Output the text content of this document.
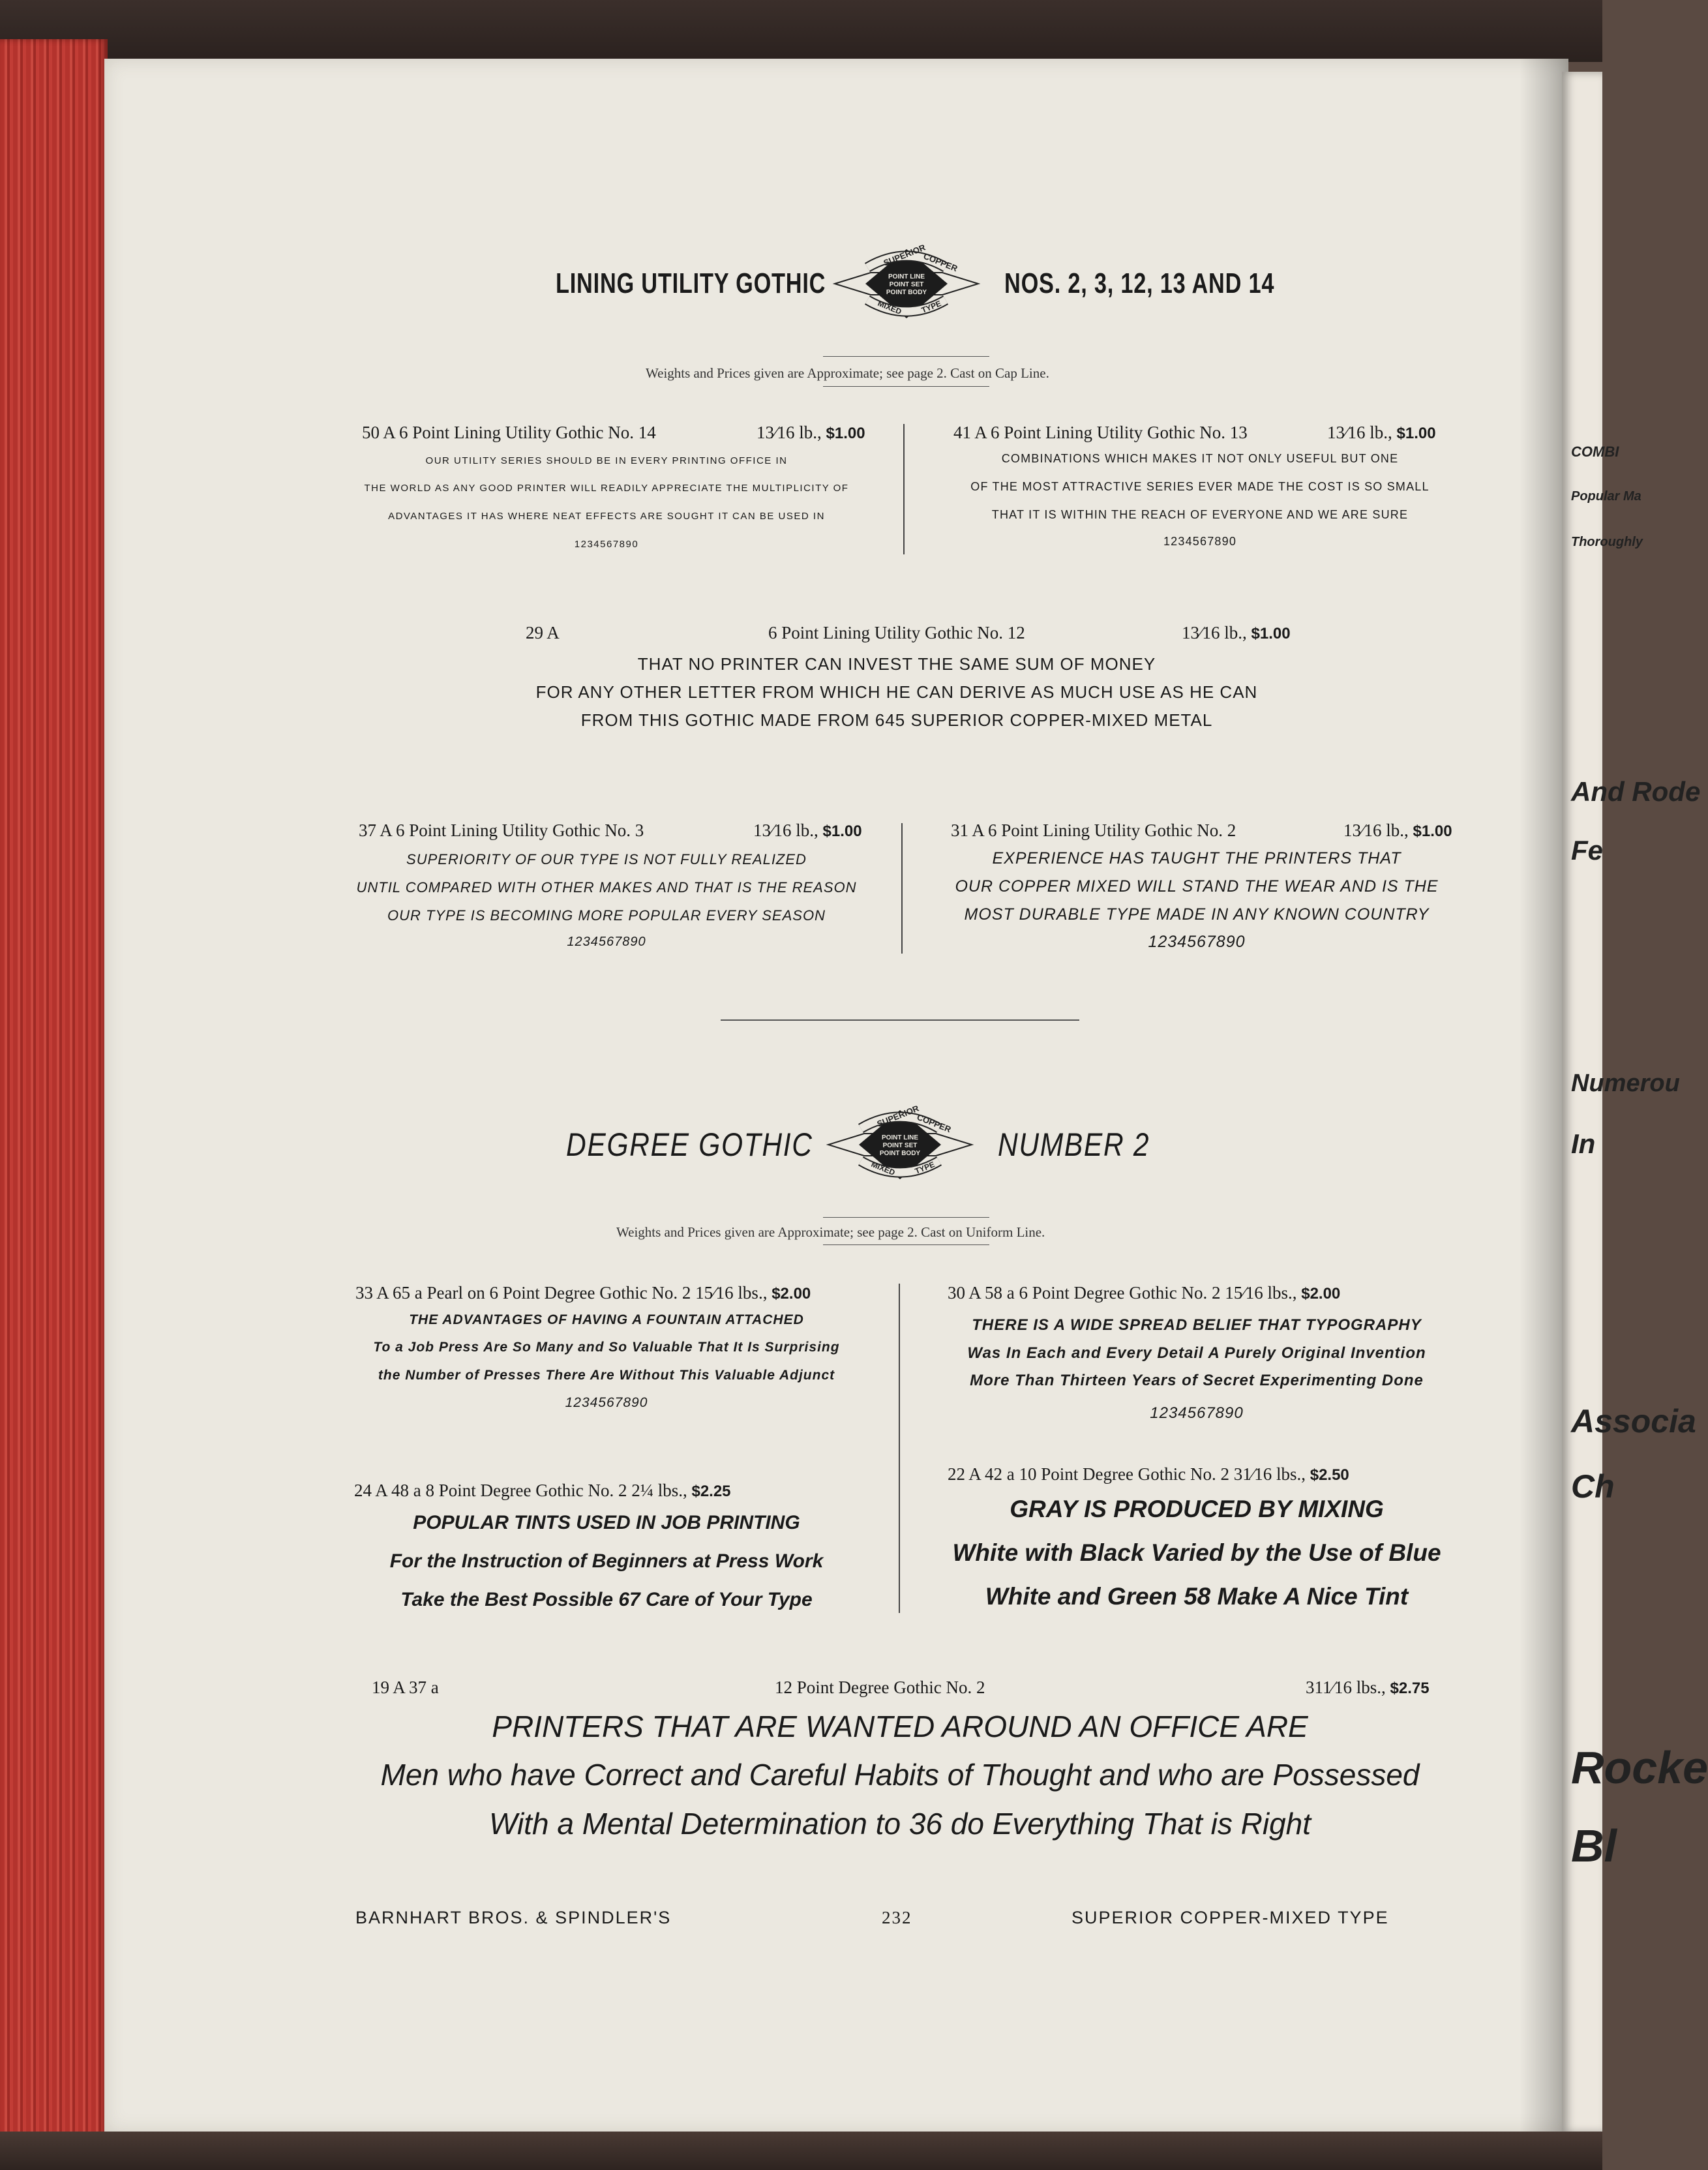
COMBI
Popular Ma
Thoroughly
And Rode
Fe
Numerou
In
Associa
Ch
Rocke
Bl
LINING UTILITY GOTHIC
SUPERIOR
COPPER
MIXED TYPE
POINT LINE
POINT SET
POINT BODY	NOS. 2, 3, 12, 13 AND 14
Weights and Prices given are Approximate; see page 2. Cast on Cap Line.
50 A 6 Point Lining Utility Gothic No. 14	13⁄16 lb., $1.00
OUR UTILITY SERIES SHOULD BE IN EVERY PRINTING OFFICE IN
THE WORLD AS ANY GOOD PRINTER WILL READILY APPRECIATE THE MULTIPLICITY OF
ADVANTAGES IT HAS WHERE NEAT EFFECTS ARE SOUGHT IT CAN BE USED IN
1234567890
41 A 6 Point Lining Utility Gothic No. 13	13⁄16 lb., $1.00
COMBINATIONS WHICH MAKES IT NOT ONLY USEFUL BUT ONE
OF THE MOST ATTRACTIVE SERIES EVER MADE THE COST IS SO SMALL
THAT IT IS WITHIN THE REACH OF EVERYONE AND WE ARE SURE
1234567890
29 A	6 Point Lining Utility Gothic No. 12	13⁄16 lb., $1.00
THAT NO PRINTER CAN INVEST THE SAME SUM OF MONEY
FOR ANY OTHER LETTER FROM WHICH HE CAN DERIVE AS MUCH USE AS HE CAN
FROM THIS GOTHIC MADE FROM 645 SUPERIOR COPPER-MIXED METAL
37 A 6 Point Lining Utility Gothic No. 3	13⁄16 lb., $1.00
SUPERIORITY OF OUR TYPE IS NOT FULLY REALIZED
UNTIL COMPARED WITH OTHER MAKES AND THAT IS THE REASON
OUR TYPE IS BECOMING MORE POPULAR EVERY SEASON
1234567890
31 A 6 Point Lining Utility Gothic No. 2	13⁄16 lb., $1.00
EXPERIENCE HAS TAUGHT THE PRINTERS THAT
OUR COPPER MIXED WILL STAND THE WEAR AND IS THE
MOST DURABLE TYPE MADE IN ANY KNOWN COUNTRY
1234567890
DEGREE GOTHIC
SUPERIOR
COPPER
MIXED TYPE
POINT LINE
POINT SET
POINT BODY NUMBER 2
Weights and Prices given are Approximate; see page 2. Cast on Uniform Line.
33 A 65 a Pearl on 6 Point Degree Gothic No. 2 15⁄16 lbs., $2.00
THE ADVANTAGES OF HAVING A FOUNTAIN ATTACHED
To a Job Press Are So Many and So Valuable That It Is Surprising
the Number of Presses There Are Without This Valuable Adjunct
1234567890
30 A 58 a 6 Point Degree Gothic No. 2 15⁄16 lbs., $2.00
THERE IS A WIDE SPREAD BELIEF THAT TYPOGRAPHY
Was In Each and Every Detail A Purely Original Invention
More Than Thirteen Years of Secret Experimenting Done
1234567890
24 A 48 a 8 Point Degree Gothic No. 2 2¼ lbs., $2.25
POPULAR TINTS USED IN JOB PRINTING
For the Instruction of Beginners at Press Work
Take the Best Possible 67 Care of Your Type
22 A 42 a 10 Point Degree Gothic No. 2 31⁄16 lbs., $2.50
GRAY IS PRODUCED BY MIXING
White with Black Varied by the Use of Blue
White and Green 58 Make A Nice Tint
19 A 37 a	12 Point Degree Gothic No. 2	311⁄16 lbs., $2.75
PRINTERS THAT ARE WANTED AROUND AN OFFICE ARE
Men who have Correct and Careful Habits of Thought and who are Possessed
With a Mental Determination to 36 do Everything That is Right
BARNHART BROS. & SPINDLER'S	232	SUPERIOR COPPER-MIXED TYPE
